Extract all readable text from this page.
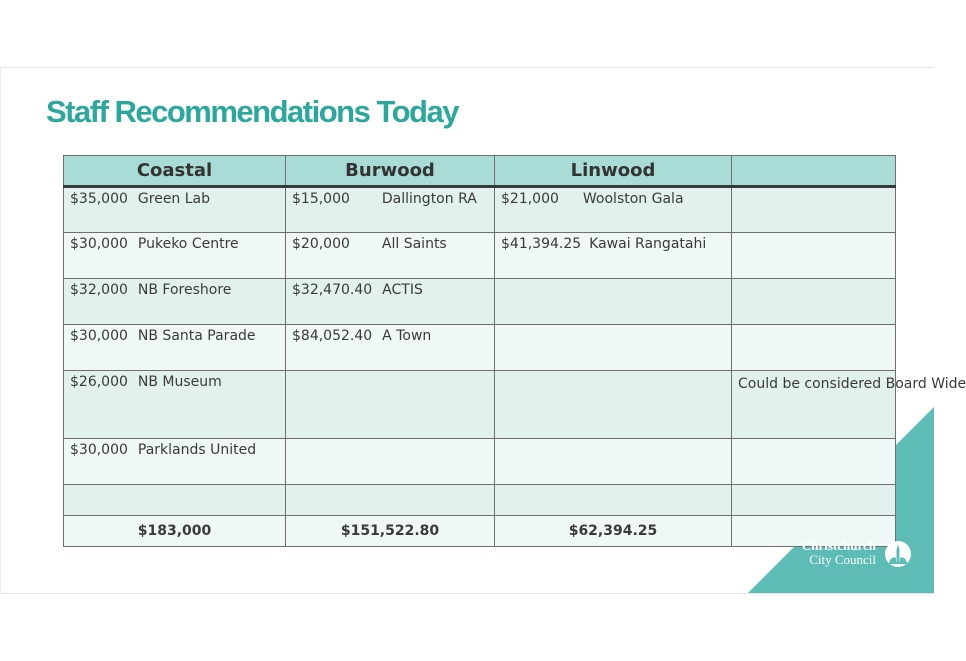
Staff Recommendations Today
Coastal	Burwood	Linwood	
$35,000 Green Lab	$15,000 Dallington RA	$21,000 Woolston Gala	
$30,000 Pukeko Centre	$20,000 All Saints	$41,394.25 Kawai Rangatahi	
$32,000 NB Foreshore	$32,470.40 ACTIS		
$30,000 NB Santa Parade	$84,052.40 A Town		
$26,000 NB Museum			Could be considered Board Wide
$30,000 Parklands United			

$183,000	$151,522.80	$62,394.25	
Christchurch
City Council
